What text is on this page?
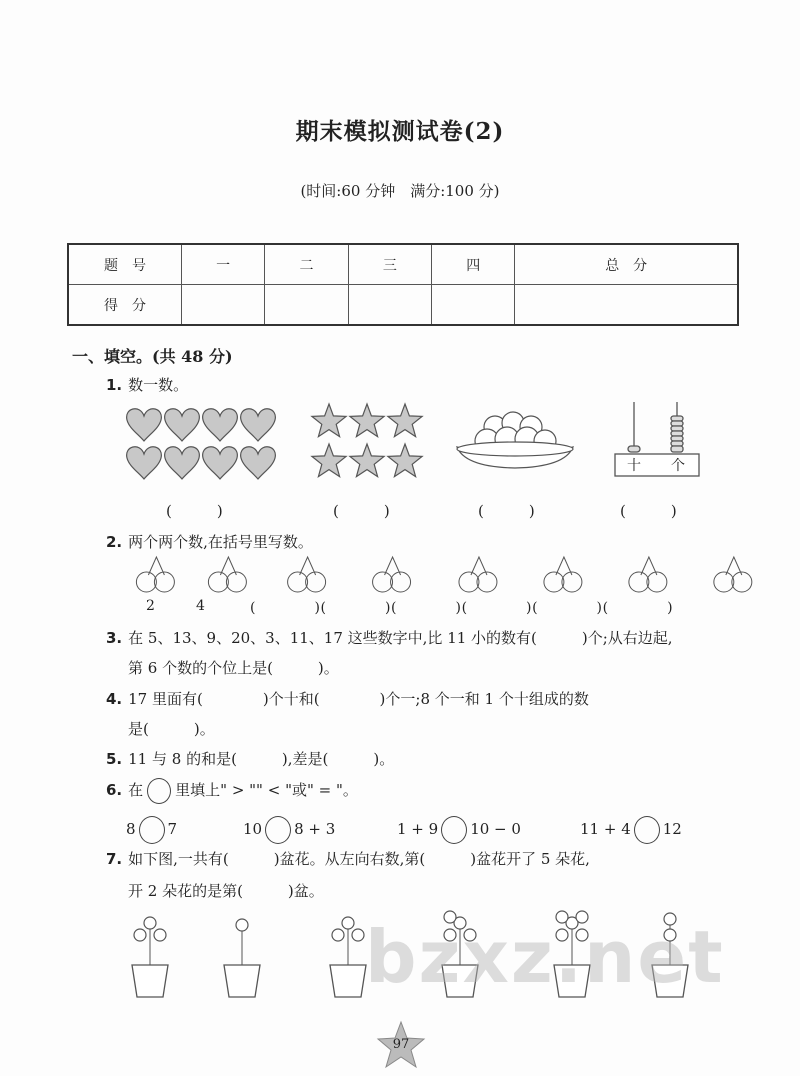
期末模拟测试卷(2)
(时间:60 分钟　满分:100 分)
题　号	一	二	三	四	总　分
得　分					
一、填空。(共 48 分)
1. 数一数。
十 个
(　　　)	(　　　)	(　　　)	(　　　)
2. 两个两个数,在括号里写数。
2	4	(　　　　)(　　　　)(　　　　)(　　　　)(　　　　)(　　　　)
3. 在 5、13、9、20、3、11、17 这些数字中,比 11 小的数有(　　　)个;从右边起,
第 6 个数的个位上是(　　　)。
4. 17 里面有(　　　　)个十和(　　　　)个一;8 个一和 1 个十组成的数
是(　　　)。
5. 11 与 8 的和是(　　　),差是(　　　)。
6. 在 里填上" > "" < "或" = "。
8 7	10 8 + 3	1 + 9 10 − 0	11 + 4 12
7. 如下图,一共有(　　　)盆花。从左向右数,第(　　　)盆花开了 5 朵花,
开 2 朵花的是第(　　　)盆。
bzxz.net
97
